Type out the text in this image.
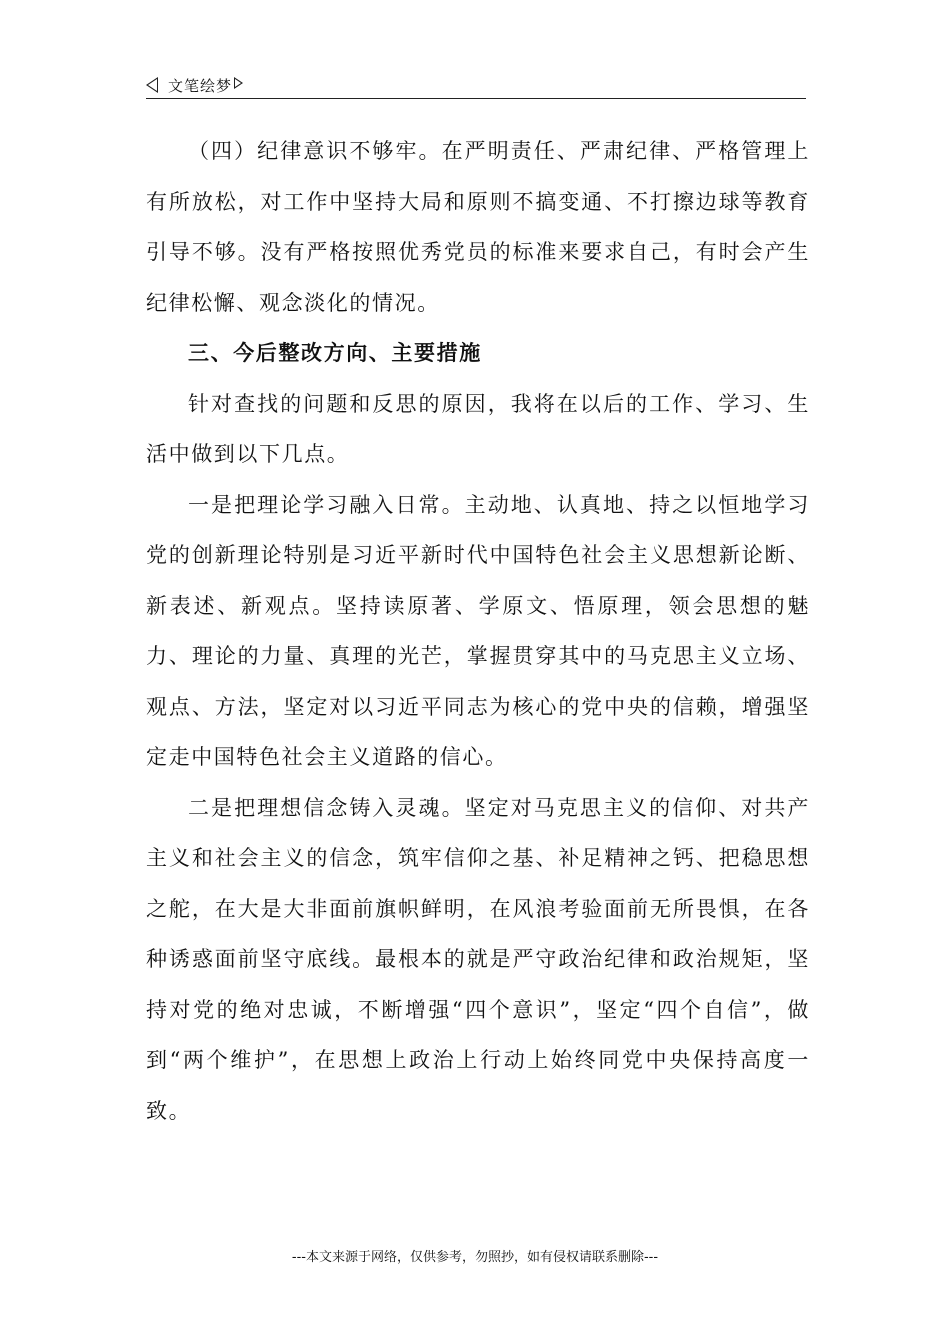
文笔绘梦

（四）纪律意识不够牢。在严明责任、严肃纪律、严格管理上有所放松，对工作中坚持大局和原则不搞变通、不打擦边球等教育引导不够。没有严格按照优秀党员的标准来要求自己，有时会产生纪律松懈、观念淡化的情况。

三、今后整改方向、主要措施

针对查找的问题和反思的原因，我将在以后的工作、学习、生活中做到以下几点。

一是把理论学习融入日常。主动地、认真地、持之以恒地学习党的创新理论特别是习近平新时代中国特色社会主义思想新论断、新表述、新观点。坚持读原著、学原文、悟原理，领会思想的魅力、理论的力量、真理的光芒，掌握贯穿其中的马克思主义立场、观点、方法，坚定对以习近平同志为核心的党中央的信赖，增强坚定走中国特色社会主义道路的信心。

二是把理想信念铸入灵魂。坚定对马克思主义的信仰、对共产主义和社会主义的信念，筑牢信仰之基、补足精神之钙、把稳思想之舵，在大是大非面前旗帜鲜明，在风浪考验面前无所畏惧，在各种诱惑面前坚守底线。最根本的就是严守政治纪律和政治规矩，坚持对党的绝对忠诚，不断增强“四个意识”，坚定“四个自信”，做到“两个维护”，在思想上政治上行动上始终同党中央保持高度一致。

---本文来源于网络，仅供参考，勿照抄，如有侵权请联系删除---
